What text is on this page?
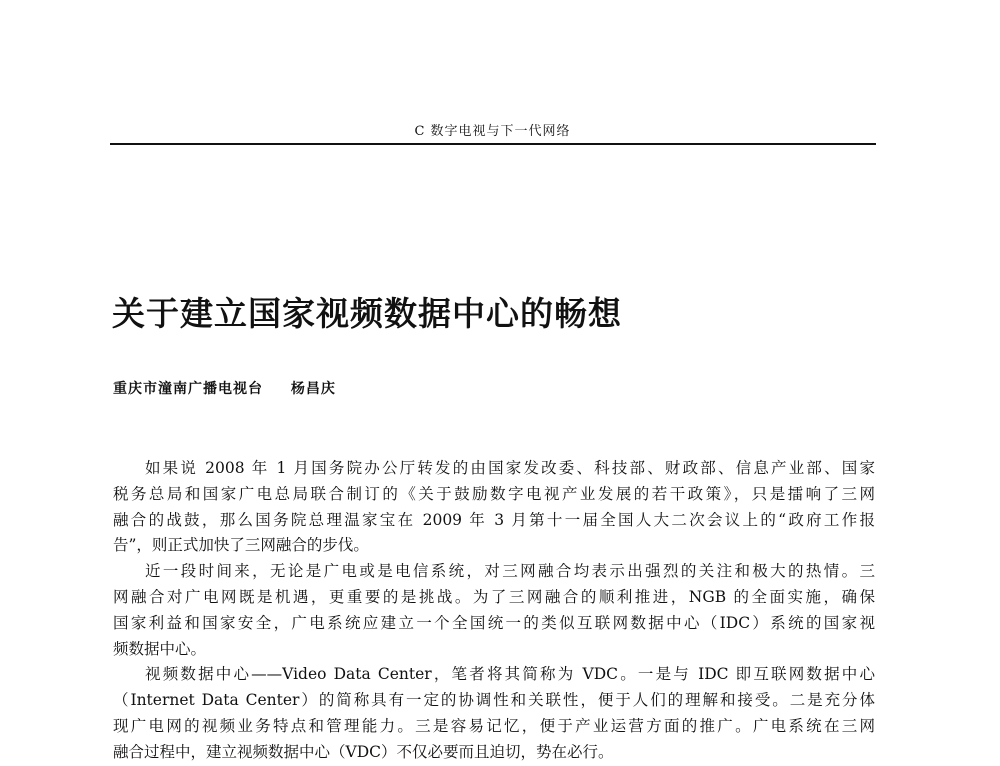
C 数字电视与下一代网络
关于建立国家视频数据中心的畅想
重庆市潼南广播电视台 杨昌庆
如果说 2008 年 1 月国务院办公厅转发的由国家发改委、科技部、财政部、信息产业部、国家
税务总局和国家广电总局联合制订的《关于鼓励数字电视产业发展的若干政策》，只是擂响了三网
融合的战鼓，那么国务院总理温家宝在 2009 年 3 月第十一届全国人大二次会议上的“政府工作报
告”，则正式加快了三网融合的步伐。
近一段时间来，无论是广电或是电信系统，对三网融合均表示出强烈的关注和极大的热情。三
网融合对广电网既是机遇，更重要的是挑战。为了三网融合的顺利推进，NGB 的全面实施，确保
国家利益和国家安全，广电系统应建立一个全国统一的类似互联网数据中心（IDC）系统的国家视
频数据中心。
视频数据中心——Video Data Center，笔者将其简称为 VDC。一是与 IDC 即互联网数据中心
（Internet Data Center）的简称具有一定的协调性和关联性，便于人们的理解和接受。二是充分体
现广电网的视频业务特点和管理能力。三是容易记忆，便于产业运营方面的推广。广电系统在三网
融合过程中，建立视频数据中心（VDC）不仅必要而且迫切，势在必行。
